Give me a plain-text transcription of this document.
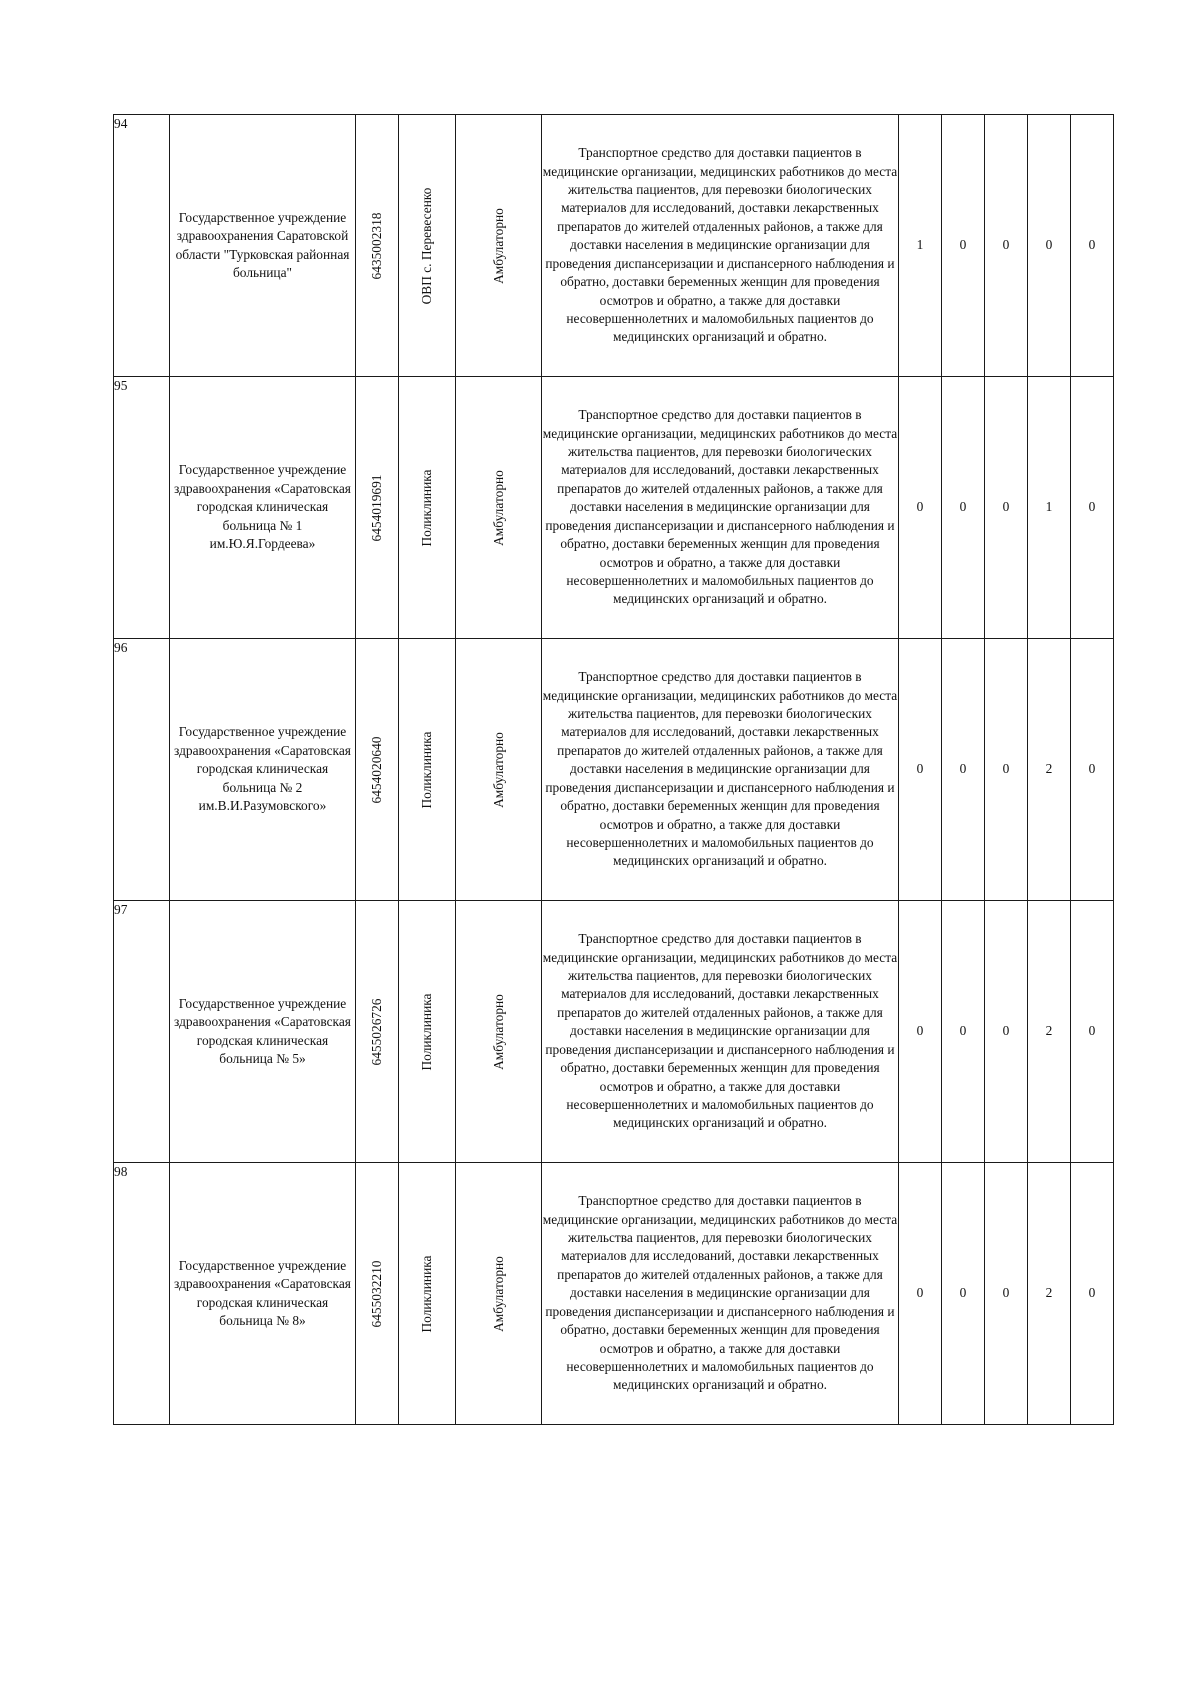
94	Государственное учреждение здравоохранения Саратовской области "Турковская районная больница"	6435002318	ОВП с. Перевесенко	Амбулаторно	Транспортное средство для доставки пациентов в медицинские организации, медицинских работников до места жительства пациентов, для перевозки биологических материалов для исследований, доставки лекарственных препаратов до жителей отдаленных районов, а также для доставки населения в медицинские организации для проведения диспансеризации и диспансерного наблюдения и обратно, доставки беременных женщин для проведения осмотров и обратно, а также для доставки несовершеннолетних и маломобильных пациентов до медицинских организаций и обратно.	1	0	0	0	0
95	Государственное учреждение здравоохранения «Саратовская городская клиническая больница № 1 им.Ю.Я.Гордеева»	6454019691	Поликлиника	Амбулаторно	Транспортное средство для доставки пациентов в медицинские организации, медицинских работников до места жительства пациентов, для перевозки биологических материалов для исследований, доставки лекарственных препаратов до жителей отдаленных районов, а также для доставки населения в медицинские организации для проведения диспансеризации и диспансерного наблюдения и обратно, доставки беременных женщин для проведения осмотров и обратно, а также для доставки несовершеннолетних и маломобильных пациентов до медицинских организаций и обратно.	0	0	0	1	0
96	Государственное учреждение здравоохранения «Саратовская городская клиническая больница № 2 им.В.И.Разумовского»	6454020640	Поликлиника	Амбулаторно	Транспортное средство для доставки пациентов в медицинские организации, медицинских работников до места жительства пациентов, для перевозки биологических материалов для исследований, доставки лекарственных препаратов до жителей отдаленных районов, а также для доставки населения в медицинские организации для проведения диспансеризации и диспансерного наблюдения и обратно, доставки беременных женщин для проведения осмотров и обратно, а также для доставки несовершеннолетних и маломобильных пациентов до медицинских организаций и обратно.	0	0	0	2	0
97	Государственное учреждение здравоохранения «Саратовская городская клиническая больница № 5»	6455026726	Поликлиника	Амбулаторно	Транспортное средство для доставки пациентов в медицинские организации, медицинских работников до места жительства пациентов, для перевозки биологических материалов для исследований, доставки лекарственных препаратов до жителей отдаленных районов, а также для доставки населения в медицинские организации для проведения диспансеризации и диспансерного наблюдения и обратно, доставки беременных женщин для проведения осмотров и обратно, а также для доставки несовершеннолетних и маломобильных пациентов до медицинских организаций и обратно.	0	0	0	2	0
98	Государственное учреждение здравоохранения «Саратовская городская клиническая больница № 8»	6455032210	Поликлиника	Амбулаторно	Транспортное средство для доставки пациентов в медицинские организации, медицинских работников до места жительства пациентов, для перевозки биологических материалов для исследований, доставки лекарственных препаратов до жителей отдаленных районов, а также для доставки населения в медицинские организации для проведения диспансеризации и диспансерного наблюдения и обратно, доставки беременных женщин для проведения осмотров и обратно, а также для доставки несовершеннолетних и маломобильных пациентов до медицинских организаций и обратно.	0	0	0	2	0
